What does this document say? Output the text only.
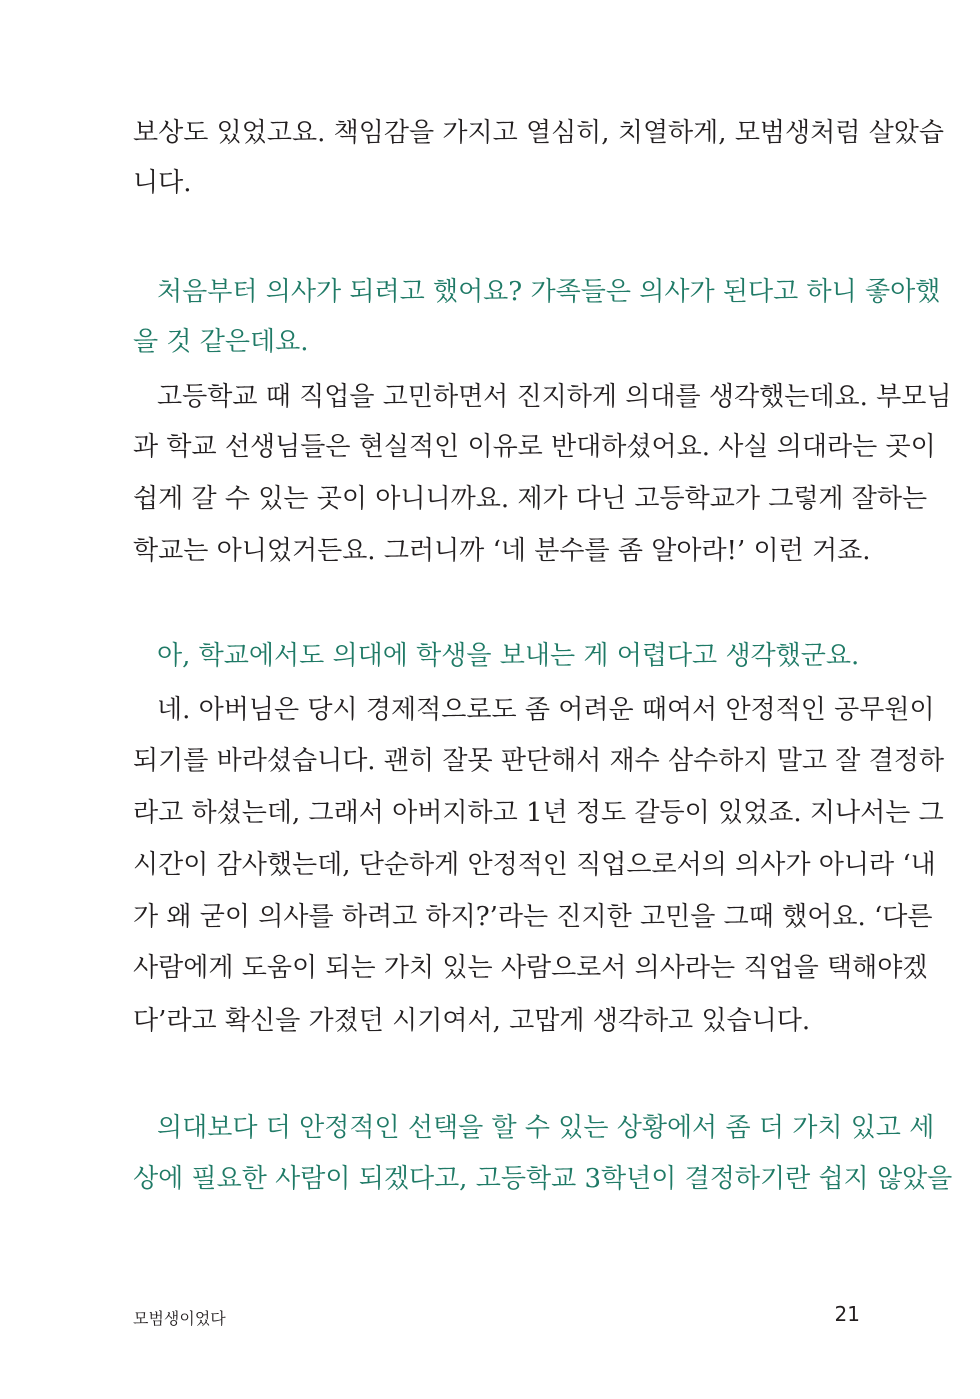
보상도 있었고요. 책임감을 가지고 열심히, 치열하게, 모범생처럼 살았습
니다.
처음부터 의사가 되려고 했어요? 가족들은 의사가 된다고 하니 좋아했
을 것 같은데요.
고등학교 때 직업을 고민하면서 진지하게 의대를 생각했는데요. 부모님
과 학교 선생님들은 현실적인 이유로 반대하셨어요. 사실 의대라는 곳이
쉽게 갈 수 있는 곳이 아니니까요. 제가 다닌 고등학교가 그렇게 잘하는
학교는 아니었거든요. 그러니까 ‘네 분수를 좀 알아라!’ 이런 거죠.
아, 학교에서도 의대에 학생을 보내는 게 어렵다고 생각했군요.
네. 아버님은 당시 경제적으로도 좀 어려운 때여서 안정적인 공무원이
되기를 바라셨습니다. 괜히 잘못 판단해서 재수 삼수하지 말고 잘 결정하
라고 하셨는데, 그래서 아버지하고 1년 정도 갈등이 있었죠. 지나서는 그
시간이 감사했는데, 단순하게 안정적인 직업으로서의 의사가 아니라 ‘내
가 왜 굳이 의사를 하려고 하지?’라는 진지한 고민을 그때 했어요. ‘다른
사람에게 도움이 되는 가치 있는 사람으로서 의사라는 직업을 택해야겠
다’라고 확신을 가졌던 시기여서, 고맙게 생각하고 있습니다.
의대보다 더 안정적인 선택을 할 수 있는 상황에서 좀 더 가치 있고 세
상에 필요한 사람이 되겠다고, 고등학교 3학년이 결정하기란 쉽지 않았을
모범생이었다	21
